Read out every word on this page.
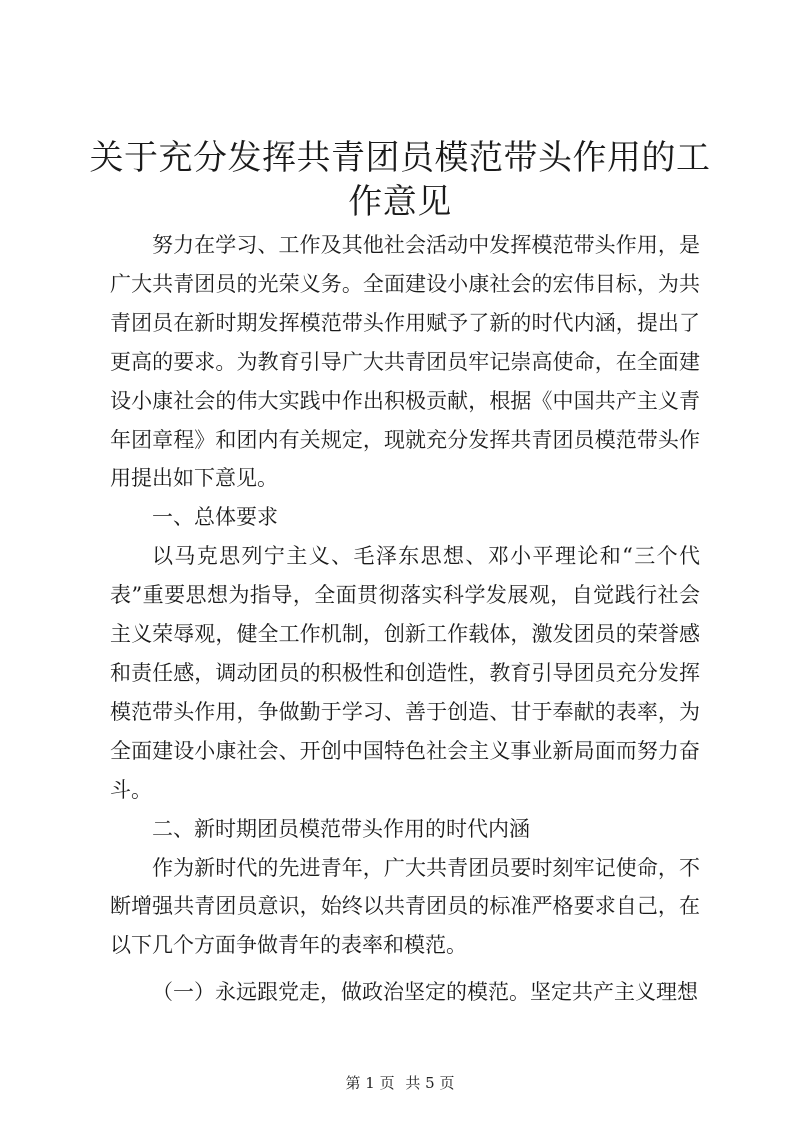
关于充分发挥共青团员模范带头作用的工作意见

努力在学习、工作及其他社会活动中发挥模范带头作用，是广大共青团员的光荣义务。全面建设小康社会的宏伟目标，为共青团员在新时期发挥模范带头作用赋予了新的时代内涵，提出了更高的要求。为教育引导广大共青团员牢记崇高使命，在全面建设小康社会的伟大实践中作出积极贡献，根据《中国共产主义青年团章程》和团内有关规定，现就充分发挥共青团员模范带头作用提出如下意见。

一、总体要求

以马克思列宁主义、毛泽东思想、邓小平理论和“三个代表”重要思想为指导，全面贯彻落实科学发展观，自觉践行社会主义荣辱观，健全工作机制，创新工作载体，激发团员的荣誉感和责任感，调动团员的积极性和创造性，教育引导团员充分发挥模范带头作用，争做勤于学习、善于创造、甘于奉献的表率，为全面建设小康社会、开创中国特色社会主义事业新局面而努力奋斗。

二、新时期团员模范带头作用的时代内涵

作为新时代的先进青年，广大共青团员要时刻牢记使命，不断增强共青团员意识，始终以共青团员的标准严格要求自己，在以下几个方面争做青年的表率和模范。

（一）永远跟党走，做政治坚定的模范。坚定共产主义理想

第 1 页 共 5 页
